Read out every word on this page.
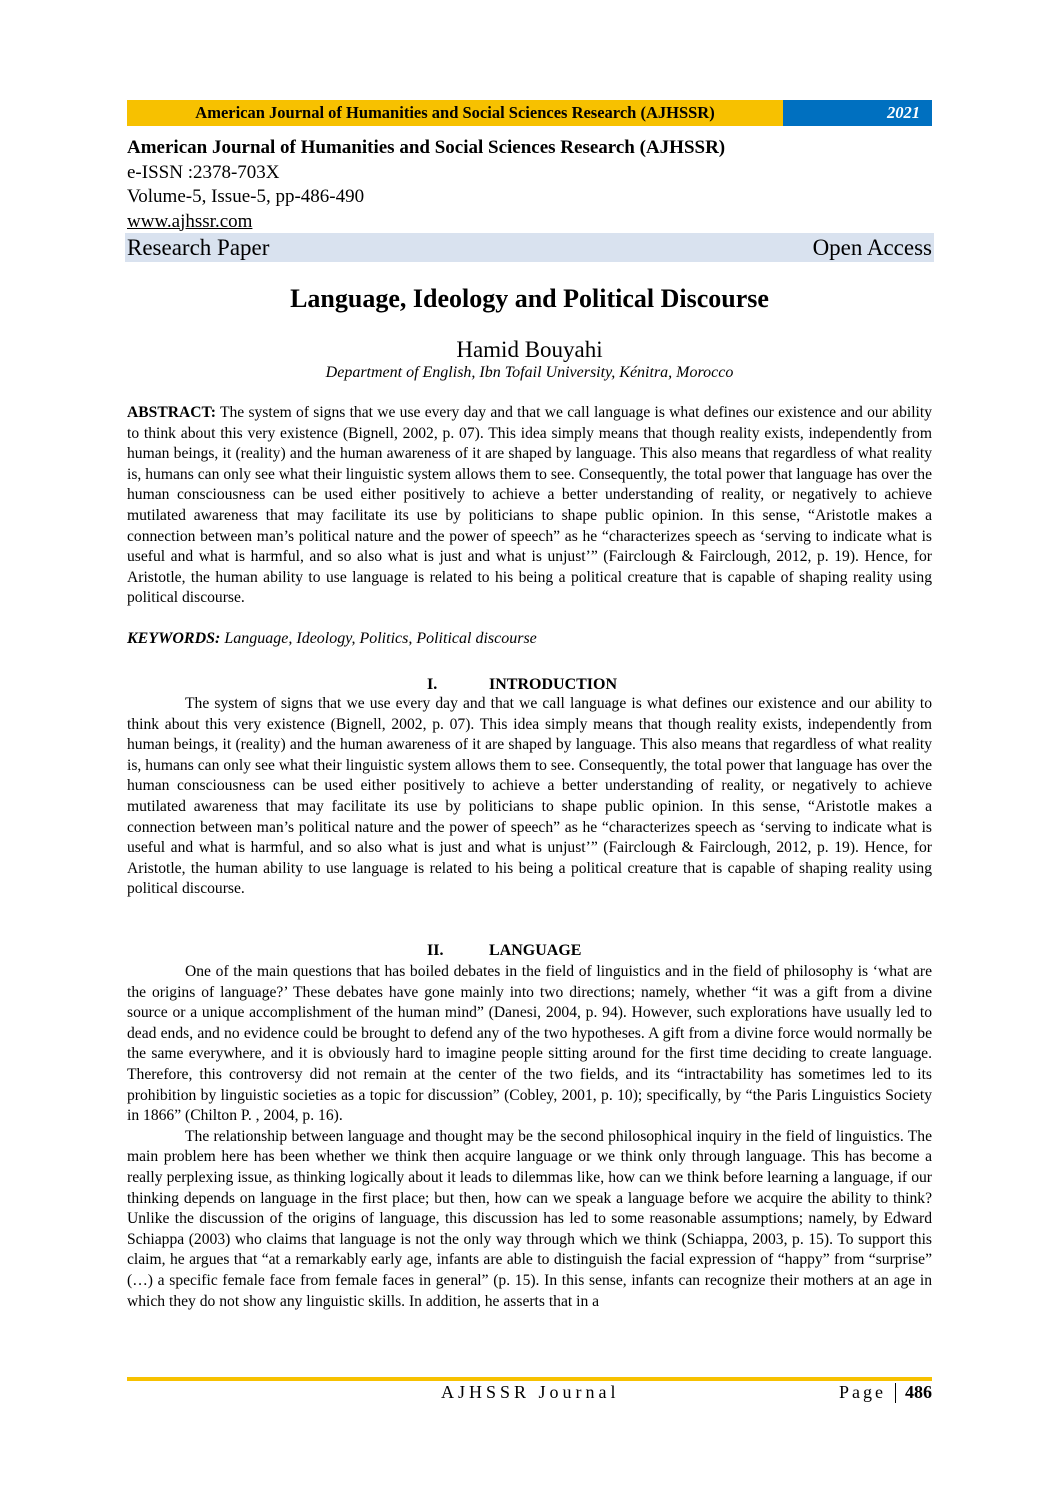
American Journal of Humanities and Social Sciences Research (AJHSSR)	2021
American Journal of Humanities and Social Sciences Research (AJHSSR)
e-ISSN :2378-703X
Volume-5, Issue-5, pp-486-490
www.ajhssr.com
Research Paper	Open Access
Language, Ideology and Political Discourse
Hamid Bouyahi
Department of English, Ibn Tofail University, Kénitra, Morocco

ABSTRACT: The system of signs that we use every day and that we call language is what defines our existence and our ability to think about this very existence (Bignell, 2002, p. 07). This idea simply means that though reality exists, independently from human beings, it (reality) and the human awareness of it are shaped by language. This also means that regardless of what reality is, humans can only see what their linguistic system allows them to see. Consequently, the total power that language has over the human consciousness can be used either positively to achieve a better understanding of reality, or negatively to achieve mutilated awareness that may facilitate its use by politicians to shape public opinion. In this sense, “Aristotle makes a connection between man’s political nature and the power of speech” as he “characterizes speech as ‘serving to indicate what is useful and what is harmful, and so also what is just and what is unjust’” (Fairclough & Fairclough, 2012, p. 19). Hence, for Aristotle, the human ability to use language is related to his being a political creature that is capable of shaping reality using political discourse.

KEYWORDS: Language, Ideology, Politics, Political discourse
I.	INTRODUCTION

The system of signs that we use every day and that we call language is what defines our existence and our ability to think about this very existence (Bignell, 2002, p. 07). This idea simply means that though reality exists, independently from human beings, it (reality) and the human awareness of it are shaped by language. This also means that regardless of what reality is, humans can only see what their linguistic system allows them to see. Consequently, the total power that language has over the human consciousness can be used either positively to achieve a better understanding of reality, or negatively to achieve mutilated awareness that may facilitate its use by politicians to shape public opinion. In this sense, “Aristotle makes a connection between man’s political nature and the power of speech” as he “characterizes speech as ‘serving to indicate what is useful and what is harmful, and so also what is just and what is unjust’” (Fairclough & Fairclough, 2012, p. 19). Hence, for Aristotle, the human ability to use language is related to his being a political creature that is capable of shaping reality using political discourse.

II.	LANGUAGE

One of the main questions that has boiled debates in the field of linguistics and in the field of philosophy is ‘what are the origins of language?’ These debates have gone mainly into two directions; namely, whether “it was a gift from a divine source or a unique accomplishment of the human mind” (Danesi, 2004, p. 94). However, such explorations have usually led to dead ends, and no evidence could be brought to defend any of the two hypotheses. A gift from a divine force would normally be the same everywhere, and it is obviously hard to imagine people sitting around for the first time deciding to create language. Therefore, this controversy did not remain at the center of the two fields, and its “intractability has sometimes led to its prohibition by linguistic societies as a topic for discussion” (Cobley, 2001, p. 10); specifically, by “the Paris Linguistics Society in 1866” (Chilton P. , 2004, p. 16).

The relationship between language and thought may be the second philosophical inquiry in the field of linguistics. The main problem here has been whether we think then acquire language or we think only through language. This has become a really perplexing issue, as thinking logically about it leads to dilemmas like, how can we think before learning a language, if our thinking depends on language in the first place; but then, how can we speak a language before we acquire the ability to think? Unlike the discussion of the origins of language, this discussion has led to some reasonable assumptions; namely, by Edward Schiappa (2003) who claims that language is not the only way through which we think (Schiappa, 2003, p. 15). To support this claim, he argues that “at a remarkably early age, infants are able to distinguish the facial expression of “happy” from “surprise” (…) a specific female face from female faces in general” (p. 15). In this sense, infants can recognize their mothers at an age in which they do not show any linguistic skills. In addition, he asserts that in a

AJHSSR Journal	Page 486
